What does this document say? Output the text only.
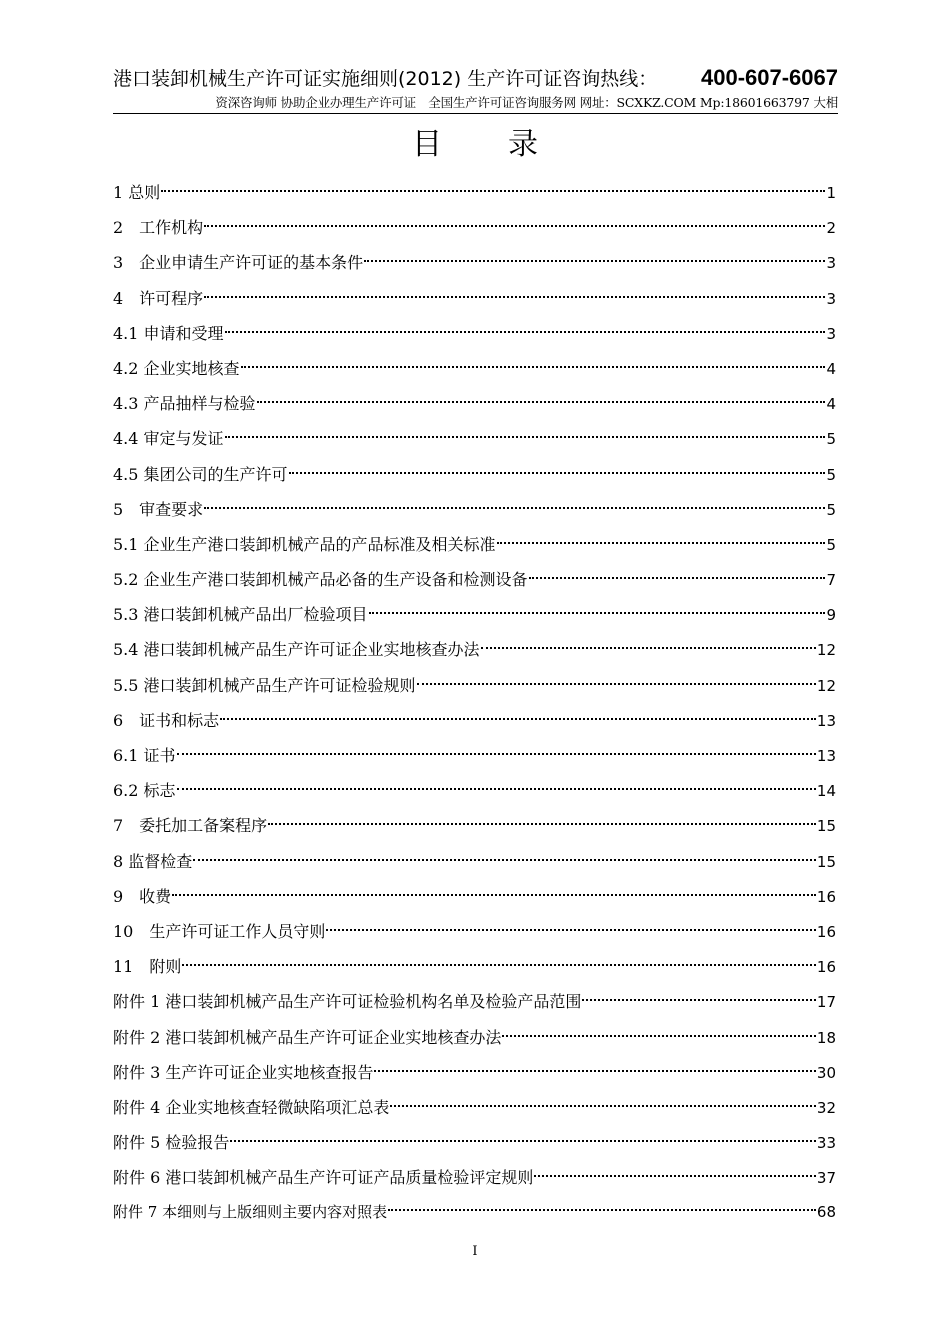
港口装卸机械生产许可证实施细则(2012) 生产许可证咨询热线： 400-607-6067
资深咨询师 协助企业办理生产许可证　全国生产许可证咨询服务网 网址：SCXKZ.COM Mp:18601663797 大相
目 录
1 总则	1
2　工作机构	2
3　企业申请生产许可证的基本条件	3
4　许可程序	3
4.1 申请和受理	3
4.2 企业实地核查	4
4.3 产品抽样与检验	4
4.4 审定与发证	5
4.5 集团公司的生产许可	5
5　审查要求	5
5.1 企业生产港口装卸机械产品的产品标准及相关标准	5
5.2 企业生产港口装卸机械产品必备的生产设备和检测设备	7
5.3 港口装卸机械产品出厂检验项目	9
5.4 港口装卸机械产品生产许可证企业实地核查办法	12
5.5 港口装卸机械产品生产许可证检验规则	12
6　证书和标志	13
6.1 证书	13
6.2 标志	14
7　委托加工备案程序	15
8 监督检查	15
9　收费	16
10　生产许可证工作人员守则	16
11　附则	16
附件 1 港口装卸机械产品生产许可证检验机构名单及检验产品范围	17
附件 2 港口装卸机械产品生产许可证企业实地核查办法	18
附件 3 生产许可证企业实地核查报告	30
附件 4 企业实地核查轻微缺陷项汇总表	32
附件 5 检验报告	33
附件 6 港口装卸机械产品生产许可证产品质量检验评定规则	37
附件 7 本细则与上版细则主要内容对照表	68
I
